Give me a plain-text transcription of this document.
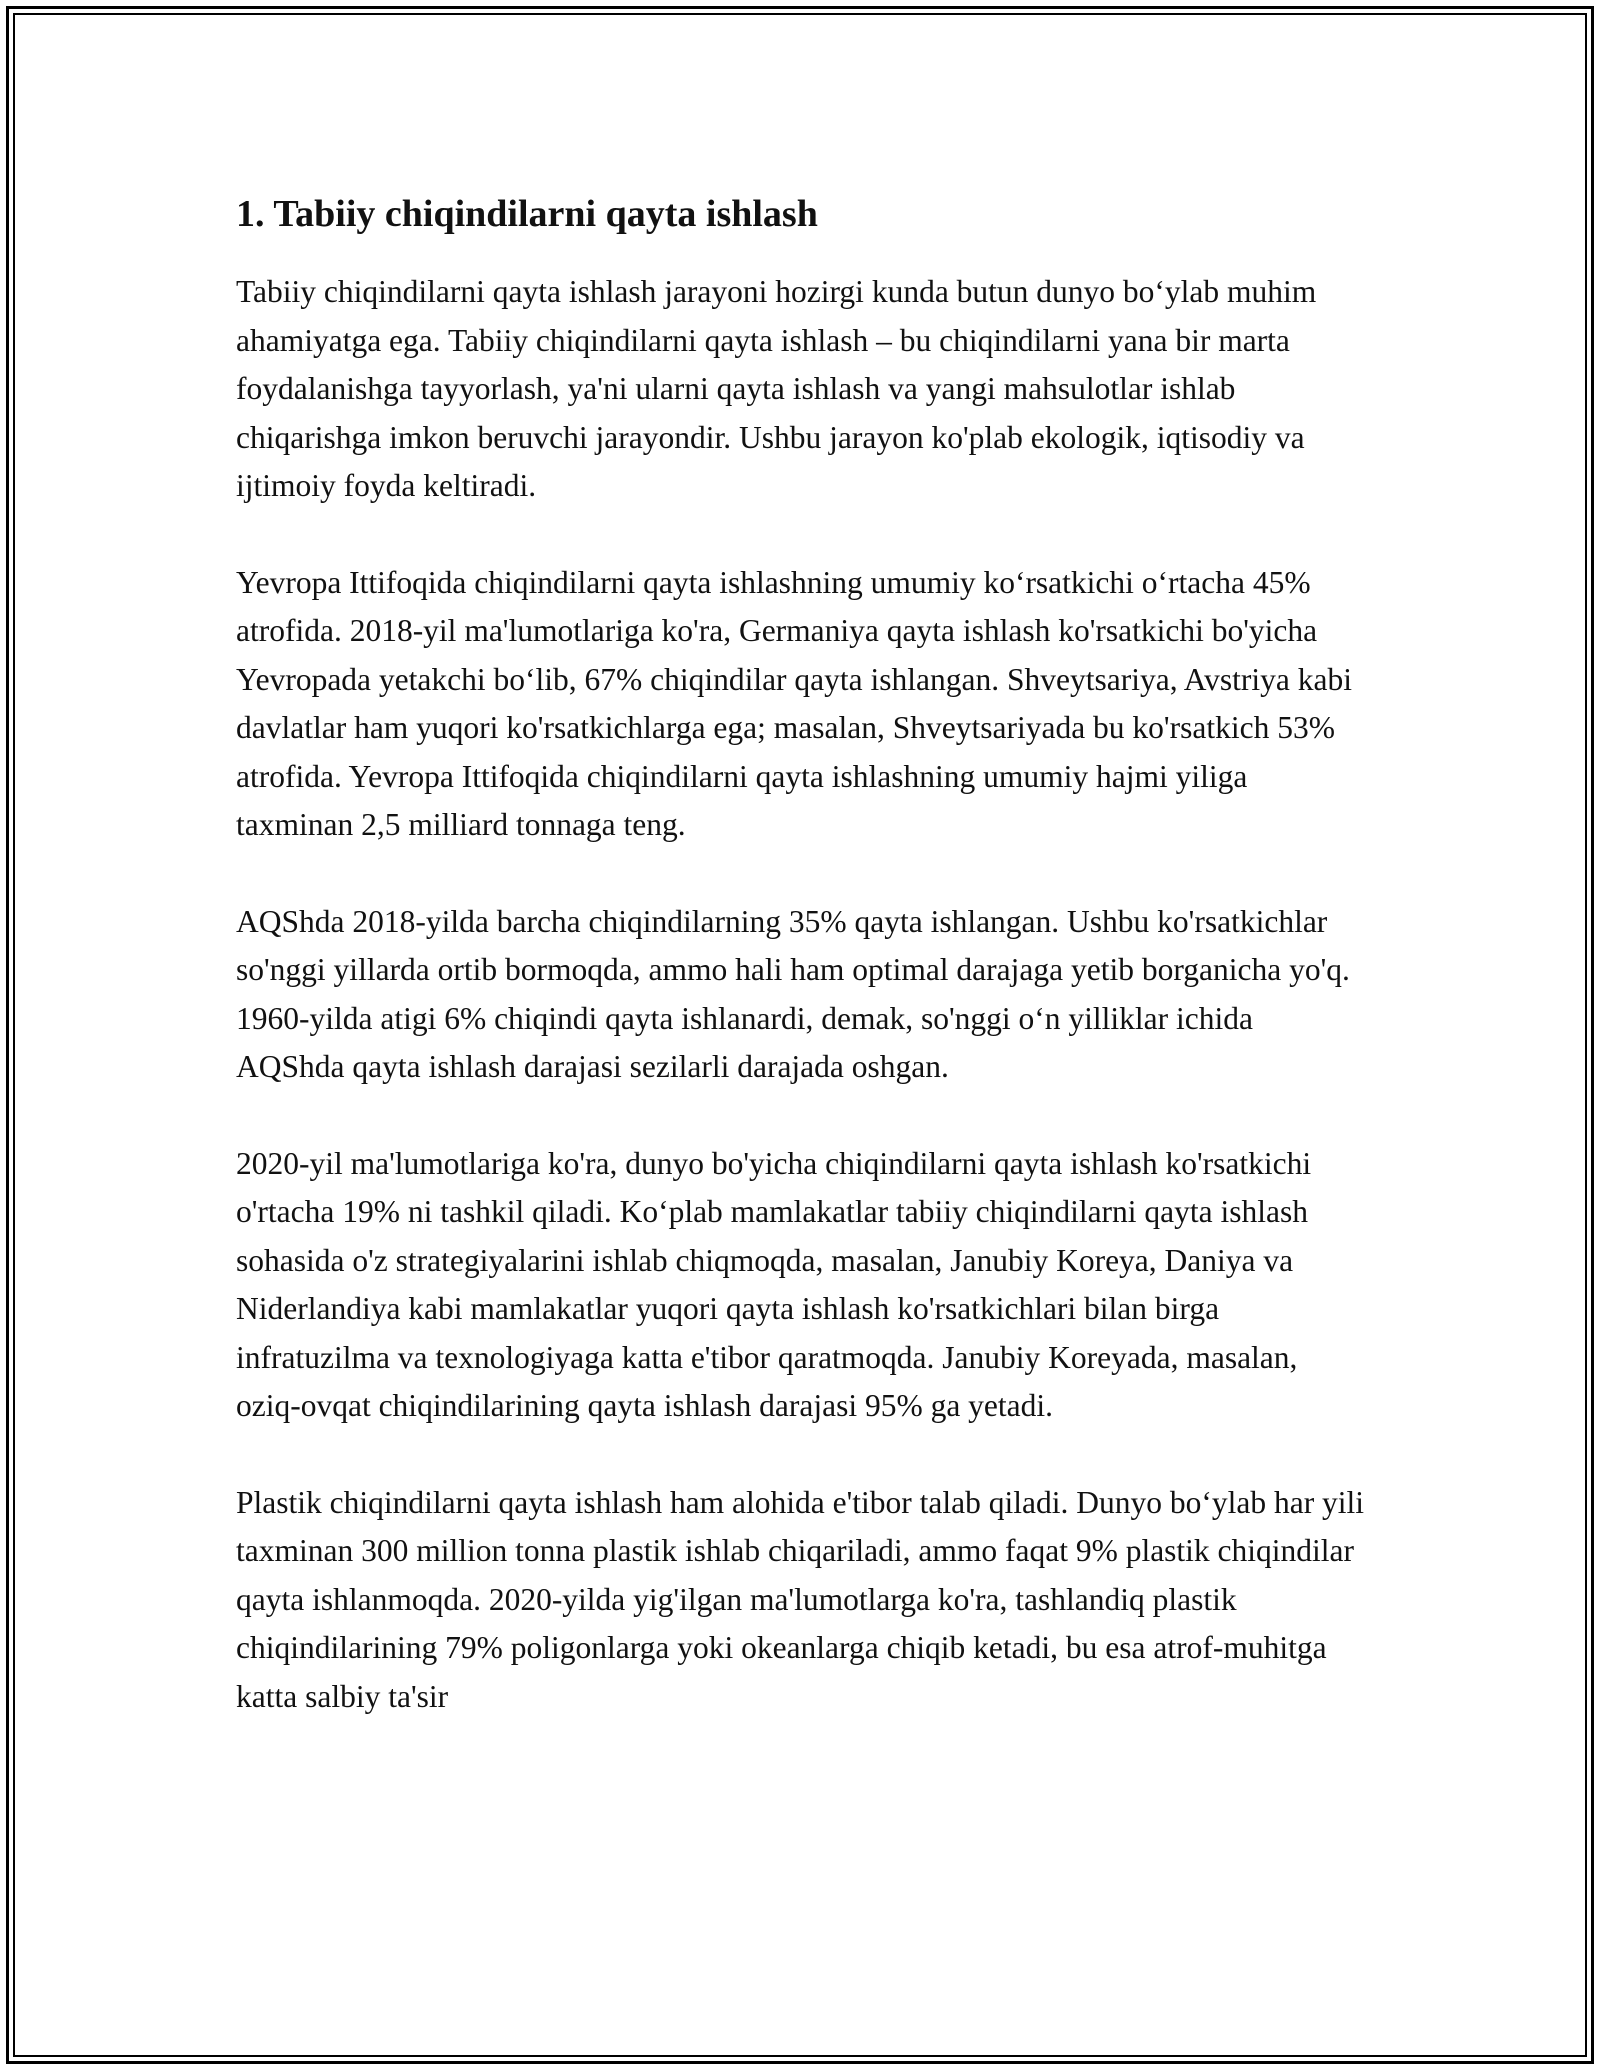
1. Tabiiy chiqindilarni qayta ishlash

Tabiiy chiqindilarni qayta ishlash jarayoni hozirgi kunda butun dunyo bo‘ylab muhim ahamiyatga ega. Tabiiy chiqindilarni qayta ishlash – bu chiqindilarni yana bir marta foydalanishga tayyorlash, ya'ni ularni qayta ishlash va yangi mahsulotlar ishlab chiqarishga imkon beruvchi jarayondir. Ushbu jarayon ko'plab ekologik, iqtisodiy va ijtimoiy foyda keltiradi.

Yevropa Ittifoqida chiqindilarni qayta ishlashning umumiy ko‘rsatkichi o‘rtacha 45% atrofida. 2018-yil ma'lumotlariga ko'ra, Germaniya qayta ishlash ko'rsatkichi bo'yicha Yevropada yetakchi bo‘lib, 67% chiqindilar qayta ishlangan. Shveytsariya, Avstriya kabi davlatlar ham yuqori ko'rsatkichlarga ega; masalan, Shveytsariyada bu ko'rsatkich 53% atrofida. Yevropa Ittifoqida chiqindilarni qayta ishlashning umumiy hajmi yiliga taxminan 2,5 milliard tonnaga teng.

AQShda 2018-yilda barcha chiqindilarning 35% qayta ishlangan. Ushbu ko'rsatkichlar so'nggi yillarda ortib bormoqda, ammo hali ham optimal darajaga yetib borganicha yo'q. 1960-yilda atigi 6% chiqindi qayta ishlanardi, demak, so'nggi o‘n yilliklar ichida AQShda qayta ishlash darajasi sezilarli darajada oshgan.

2020-yil ma'lumotlariga ko'ra, dunyo bo'yicha chiqindilarni qayta ishlash ko'rsatkichi o'rtacha 19% ni tashkil qiladi. Ko‘plab mamlakatlar tabiiy chiqindilarni qayta ishlash sohasida o'z strategiyalarini ishlab chiqmoqda, masalan, Janubiy Koreya, Daniya va Niderlandiya kabi mamlakatlar yuqori qayta ishlash ko'rsatkichlari bilan birga infratuzilma va texnologiyaga katta e'tibor qaratmoqda. Janubiy Koreyada, masalan, oziq-ovqat chiqindilarining qayta ishlash darajasi 95% ga yetadi.

Plastik chiqindilarni qayta ishlash ham alohida e'tibor talab qiladi. Dunyo bo‘ylab har yili taxminan 300 million tonna plastik ishlab chiqariladi, ammo faqat 9% plastik chiqindilar qayta ishlanmoqda. 2020-yilda yig'ilgan ma'lumotlarga ko'ra, tashlandiq plastik chiqindilarining 79% poligonlarga yoki okeanlarga chiqib ketadi, bu esa atrof-muhitga katta salbiy ta'sir
